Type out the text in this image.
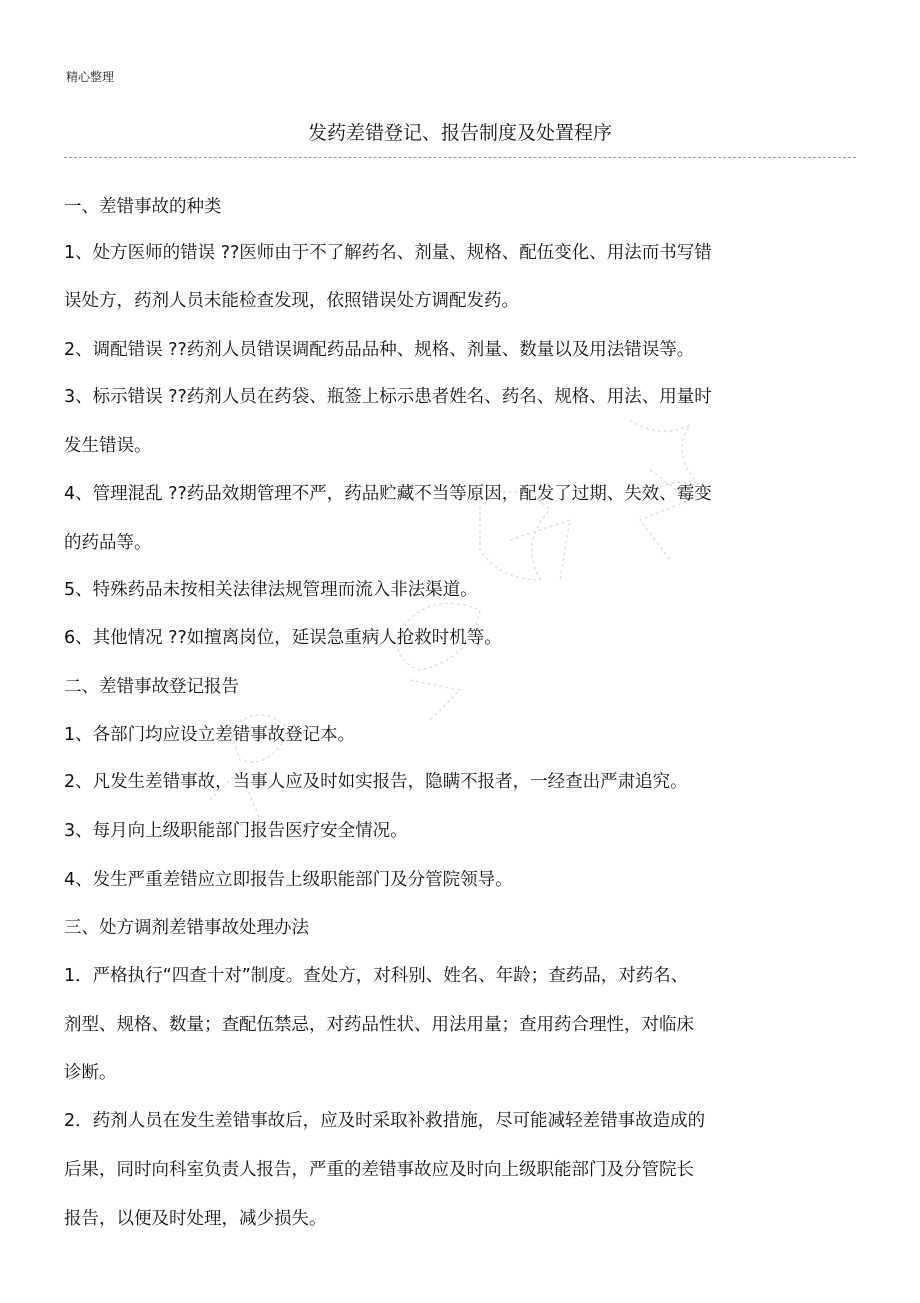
精心整理
发药差错登记、报告制度及处置程序
一、差错事故的种类
1、处方医师的错误 ??医师由于不了解药名、剂量、规格、配伍变化、用法而书写错
误处方，药剂人员未能检查发现，依照错误处方调配发药。
2、调配错误 ??药剂人员错误调配药品品种、规格、剂量、数量以及用法错误等。
3、标示错误 ??药剂人员在药袋、瓶签上标示患者姓名、药名、规格、用法、用量时
发生错误。
4、管理混乱 ??药品效期管理不严，药品贮藏不当等原因，配发了过期、失效、霉变
的药品等。
5、特殊药品未按相关法律法规管理而流入非法渠道。
6、其他情况 ??如擅离岗位，延误急重病人抢救时机等。
二、差错事故登记报告
1、各部门均应设立差错事故登记本。
2、凡发生差错事故，当事人应及时如实报告，隐瞒不报者，一经查出严肃追究。
3、每月向上级职能部门报告医疗安全情况。
4、发生严重差错应立即报告上级职能部门及分管院领导。
三、处方调剂差错事故处理办法
1．严格执行“四查十对”制度。查处方，对科别、姓名、年龄；查药品，对药名、
剂型、规格、数量；查配伍禁忌，对药品性状、用法用量；查用药合理性，对临床
诊断。
2．药剂人员在发生差错事故后，应及时采取补救措施，尽可能减轻差错事故造成的
后果，同时向科室负责人报告，严重的差错事故应及时向上级职能部门及分管院长
报告，以便及时处理，减少损失。
